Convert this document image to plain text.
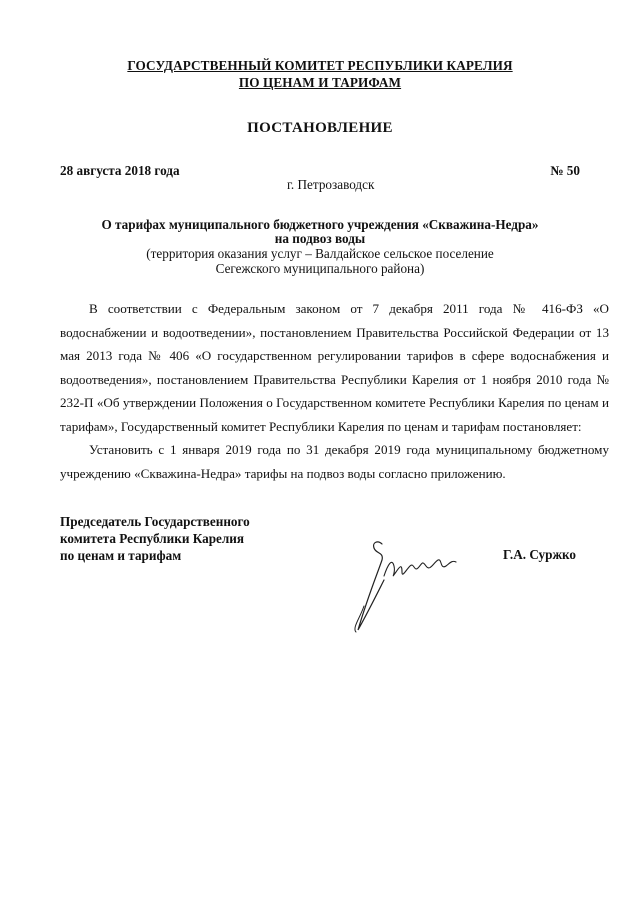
ГОСУДАРСТВЕННЫЙ КОМИТЕТ РЕСПУБЛИКИ КАРЕЛИЯ
ПО ЦЕНАМ И ТАРИФАМ
ПОСТАНОВЛЕНИЕ
28 августа 2018 года	№ 50
г. Петрозаводск
О тарифах муниципального бюджетного учреждения «Скважина-Недра»
на подвоз воды
(территория оказания услуг – Валдайское сельское поселение
Сегежского муниципального района)
В соответствии с Федеральным законом от 7 декабря 2011 года № 416-ФЗ «О водоснабжении и водоотведении», постановлением Правительства Российской Федерации от 13 мая 2013 года № 406 «О государственном регулировании тарифов в сфере водоснабжения и водоотведения», постановлением Правительства Республики Карелия от 1 ноября 2010 года № 232-П «Об утверждении Положения о Государственном комитете Республики Карелия по ценам и тарифам», Государственный комитет Республики Карелия по ценам и тарифам постановляет:
Установить с 1 января 2019 года по 31 декабря 2019 года муниципальному бюджетному учреждению «Скважина-Недра» тарифы на подвоз воды согласно приложению.
Председатель Государственного
комитета Республики Карелия
по ценам и тарифам	Г.А. Суржко
